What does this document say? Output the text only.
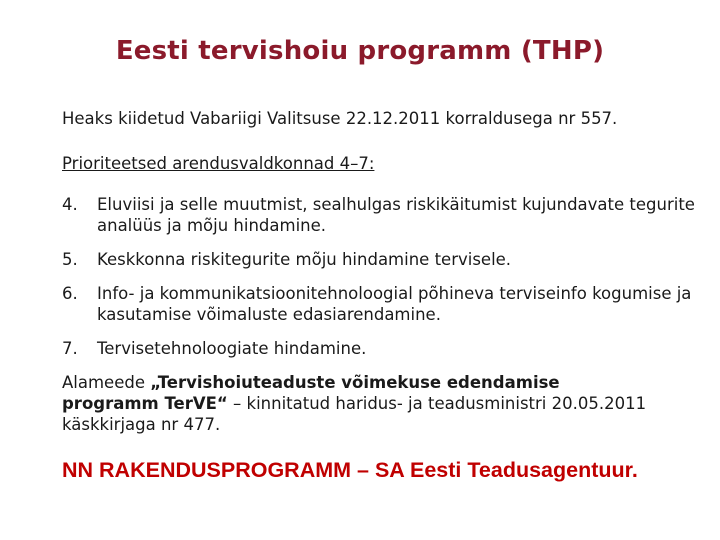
Eesti tervishoiu programm (THP)
Heaks kiidetud Vabariigi Valitsuse 22.12.2011 korraldusega nr 557.
Prioriteetsed arendusvaldkonnad 4–7:
4.	Eluviisi ja selle muutmist, sealhulgas riskikäitumist kujundavate tegurite analüüs ja mõju hindamine.
5.	Keskkonna riskitegurite mõju hindamine tervisele.
6.	Info- ja kommunikatsioonitehnoloogial põhineva terviseinfo kogumise ja kasutamise võimaluste edasiarendamine.
7.	Tervisetehnoloogiate hindamine.
Alameede „Tervishoiuteaduste võimekuse edendamise programm TerVE“ – kinnitatud haridus- ja teadusministri 20.05.2011 käskkirjaga nr 477.
NN RAKENDUSPROGRAMM – SA Eesti Teadusagentuur.
